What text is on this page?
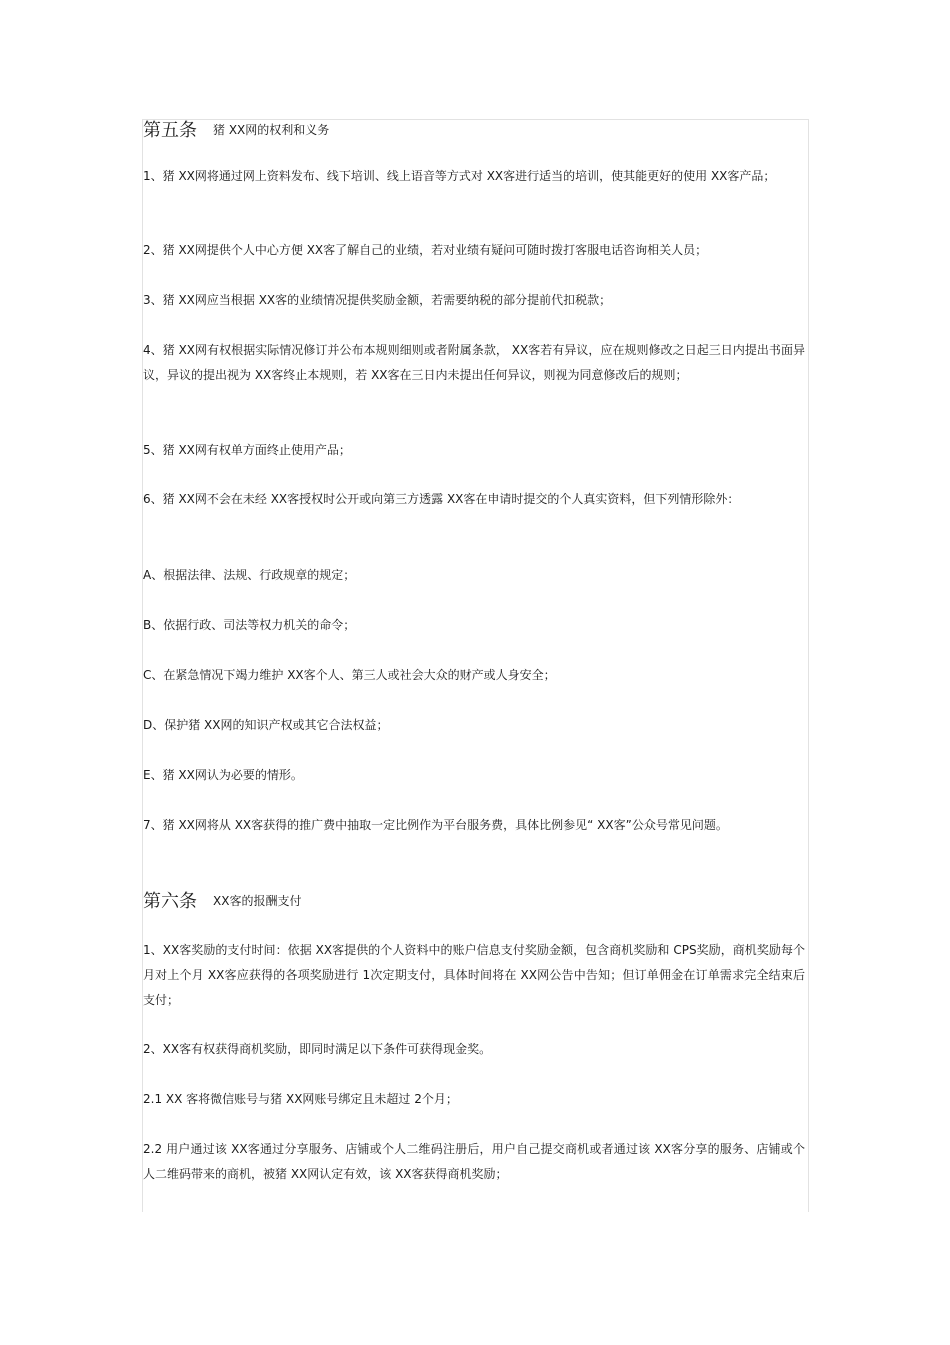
第五条 猪 XX网的权利和义务
1、猪 XX网将通过网上资料发布、线下培训、线上语音等方式对 XX客进行适当的培训，使其能更好的使用 XX客产品；
2、猪 XX网提供个人中心方便 XX客了解自己的业绩，若对业绩有疑问可随时拨打客服电话咨询相关人员；
3、猪 XX网应当根据 XX客的业绩情况提供奖励金额，若需要纳税的部分提前代扣税款；
4、猪 XX网有权根据实际情况修订并公布本规则细则或者附属条款， XX客若有异议，应在规则修改之日起三日内提出书面异议，异议的提出视为 XX客终止本规则，若 XX客在三日内未提出任何异议，则视为同意修改后的规则；
5、猪 XX网有权单方面终止使用产品；
6、猪 XX网不会在未经 XX客授权时公开或向第三方透露 XX客在申请时提交的个人真实资料，但下列情形除外：
A、根据法律、法规、行政规章的规定；
B、依据行政、司法等权力机关的命令；
C、在紧急情况下竭力维护 XX客个人、第三人或社会大众的财产或人身安全；
D、保护猪 XX网的知识产权或其它合法权益；
E、猪 XX网认为必要的情形。
7、猪 XX网将从 XX客获得的推广费中抽取一定比例作为平台服务费，具体比例参见“ XX客”公众号常见问题。
第六条 XX客的报酬支付
1、XX客奖励的支付时间：依据 XX客提供的个人资料中的账户信息支付奖励金额，包含商机奖励和 CPS奖励，商机奖励每个月对上个月 XX客应获得的各项奖励进行 1次定期支付，具体时间将在 XX网公告中告知；但订单佣金在订单需求完全结束后支付；
2、XX客有权获得商机奖励，即同时满足以下条件可获得现金奖。
2.1 XX 客将微信账号与猪 XX网账号绑定且未超过 2个月；
2.2 用户通过该 XX客通过分享服务、店铺或个人二维码注册后，用户自己提交商机或者通过该 XX客分享的服务、店铺或个人二维码带来的商机，被猪 XX网认定有效，该 XX客获得商机奖励；
